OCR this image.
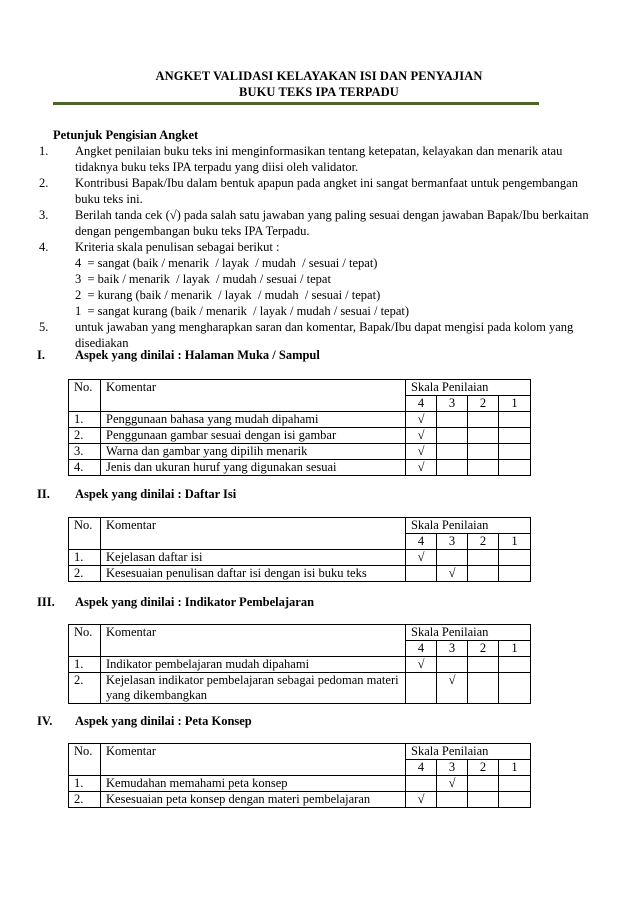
ANGKET VALIDASI KELAYAKAN ISI DAN PENYAJIAN
BUKU TEKS IPA TERPADU
Petunjuk Pengisian Angket
1. Angket penilaian buku teks ini menginformasikan tentang ketepatan, kelayakan dan menarik atau tidaknya buku teks IPA terpadu yang diisi oleh validator.
2. Kontribusi Bapak/Ibu dalam bentuk apapun pada angket ini sangat bermanfaat untuk pengembangan buku teks ini.
3. Berilah tanda cek (√) pada salah satu jawaban yang paling sesuai dengan jawaban Bapak/Ibu berkaitan dengan pengembangan buku teks IPA Terpadu.
4. Kriteria skala penulisan sebagai berikut :
4  = sangat (baik / menarik  / layak  / mudah  / sesuai / tepat)
3  = baik / menarik  / layak  / mudah / sesuai / tepat
2  = kurang (baik / menarik  / layak  / mudah  / sesuai / tepat)
1  = sangat kurang (baik / menarik  / layak / mudah / sesuai / tepat)
5. untuk jawaban yang mengharapkan saran dan komentar, Bapak/Ibu dapat mengisi pada kolom yang disediakan
I. Aspek yang dinilai : Halaman Muka / Sampul
No.	Komentar	Skala Penilaian			
		4	3	2	1
1.	Penggunaan bahasa yang mudah dipahami	√			
2.	Penggunaan gambar sesuai dengan isi gambar	√			
3.	Warna dan gambar yang dipilih menarik	√			
4.	Jenis dan ukuran huruf yang digunakan sesuai	√			
II. Aspek yang dinilai : Daftar Isi
No.	Komentar	Skala Penilaian			
		4	3	2	1
1.	Kejelasan daftar isi	√			
2.	Kesesuaian penulisan daftar isi dengan isi buku teks		√		
III. Aspek yang dinilai : Indikator Pembelajaran
No.	Komentar	Skala Penilaian			
		4	3	2	1
1.	Indikator pembelajaran mudah dipahami	√			
2.	Kejelasan indikator pembelajaran sebagai pedoman materi yang dikembangkan		√		
IV. Aspek yang dinilai : Peta Konsep
No.	Komentar	Skala Penilaian			
		4	3	2	1
1.	Kemudahan memahami peta konsep		√		
2.	Kesesuaian peta konsep dengan materi pembelajaran	√			
